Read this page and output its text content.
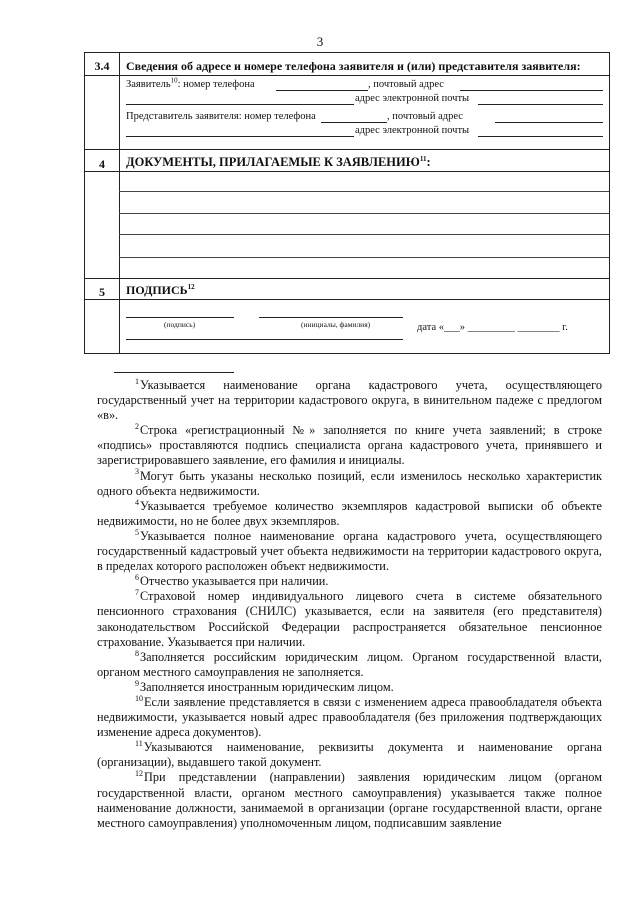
3
3.4	Сведения об адресе и номере телефона заявителя и (или) представителя заявителя:
Заявитель$^{10}$: номер телефона	, почтовый адрес
адрес электронной почты
Представитель заявителя: номер телефона	, почтовый адрес
адрес электронной почты
4	ДОКУМЕНТЫ, ПРИЛАГАЕМЫЕ К ЗАЯВЛЕНИЮ$^{11}$:
5	ПОДПИСЬ$^{12}$
(подпись)	(инициалы, фамилия)	дата «___» _________ ________ г.

$^1$Указывается наименование органа кадастрового учета, осуществляющего государственный учет на территории кадастрового округа, в винительном падеже с предлогом «в».

$^2$Строка «регистрационный №» заполняется по книге учета заявлений; в строке «подпись» проставляются подпись специалиста органа кадастрового учета, принявшего и зарегистрировавшего заявление, его фамилия и инициалы.

$^3$Могут быть указаны несколько позиций, если изменилось несколько характеристик одного объекта недвижимости.

$^4$Указывается требуемое количество экземпляров кадастровой выписки об объекте недвижимости, но не более двух экземпляров.

$^5$Указывается полное наименование органа кадастрового учета, осуществляющего государственный кадастровый учет объекта недвижимости на территории кадастрового округа, в пределах которого расположен объект недвижимости.

$^6$Отчество указывается при наличии.

$^7$Страховой номер индивидуального лицевого счета в системе обязательного пенсионного страхования (СНИЛС) указывается, если на заявителя (его представителя) законодательством Российской Федерации распространяется обязательное пенсионное страхование. Указывается при наличии.

$^8$Заполняется российским юридическим лицом. Органом государственной власти, органом местного самоуправления не заполняется.

$^9$Заполняется иностранным юридическим лицом.

$^{10}$Если заявление представляется в связи с изменением адреса правообладателя объекта недвижимости, указывается новый адрес правообладателя (без приложения подтверждающих изменение адреса документов).

$^{11}$Указываются наименование, реквизиты документа и наименование органа (организации), выдавшего такой документ.

$^{12}$При представлении (направлении) заявления юридическим лицом (органом государственной власти, органом местного самоуправления) указывается также полное наименование должности, занимаемой в организации (органе государственной власти, органе местного самоуправления) уполномоченным лицом, подписавшим заявление
